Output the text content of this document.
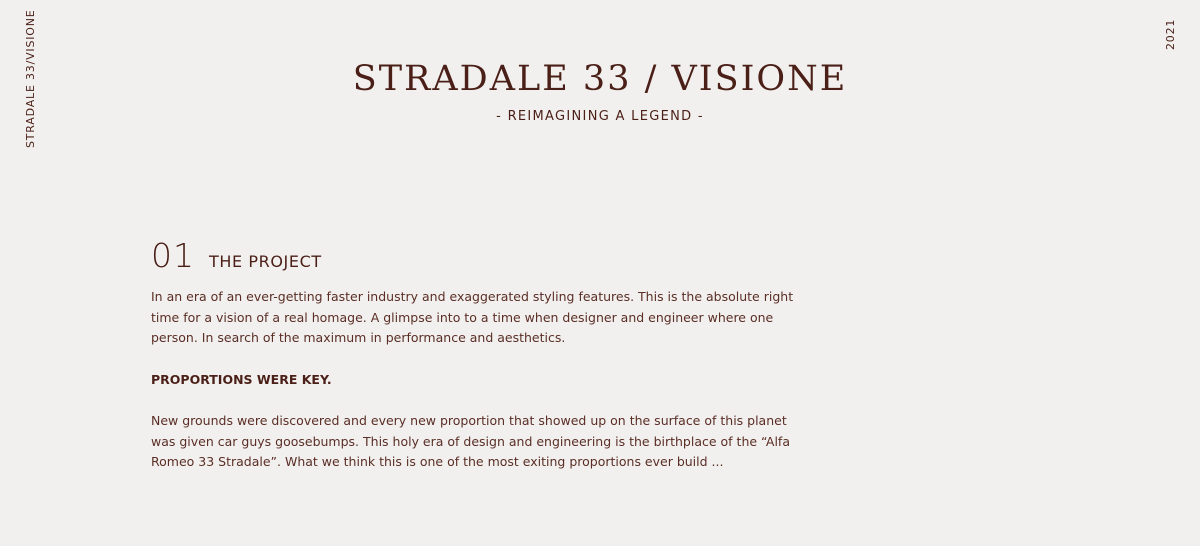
STRADALE 33/VISIONE	2021
STRADALE 33 / VISIONE
- REIMAGINING A LEGEND -
01 THE PROJECT

In an era of an ever-getting faster industry and exaggerated styling features. This is the absolute right time for a vision of a real homage. A glimpse into to a time when designer and engineer where one person. In search of the maximum in performance and aesthetics.

PROPORTIONS WERE KEY.

New grounds were discovered and every new proportion that showed up on the surface of this planet was given car guys goosebumps. This holy era of design and engineering is the birthplace of the “Alfa Romeo 33 Stradale”. What we think this is one of the most exiting proportions ever build ...
